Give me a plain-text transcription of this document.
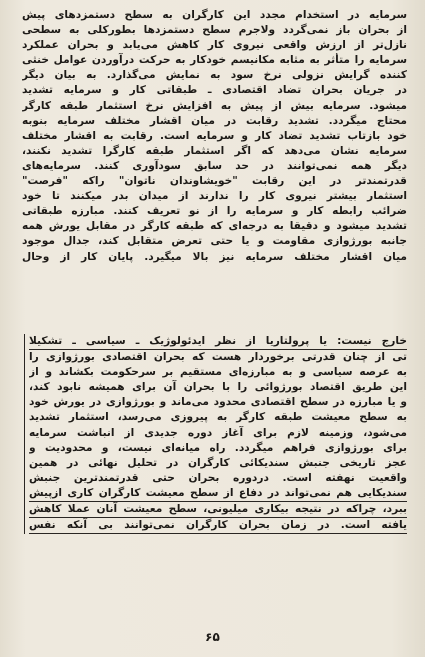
سرمایه در استخدام مجدد این کارگران به سطح دستمزدهای پیش
از بحران باز نمی‌گردد ولاجرم سطح دستمزدها بطورکلی به سطحی
نازل‌تر از ارزش واقعی نیروی کار کاهش می‌یابد و بحران عملکرد
سرمایه را متأثر به مثابه مکانیسم خودکار به حرکت درآوردن عوامل خنثی
کننده گرایش نزولی نرخ سود به نمایش می‌گذارد. به بیان دیگر
در جریان بحران تضاد اقتصادی ـ طبقاتی کار و سرمایه تشدید
میشود. سرمایه بیش از پیش به افزایش نرخ استثمار طبقه کارگر
محتاج میگردد. تشدید رقابت در میان اقشار مختلف سرمایه بنوبه
خود بازتاب تشدید تضاد کار و سرمایه است. رقابت به اقشار مختلف
سرمایه نشان می‌دهد که اگر استثمار طبقه کارگرا تشدید نکنند،
دیگر همه نمی‌توانند در حد سابق سودآوری کنند. سرمایه‌های
قدرتمندتر در این رقابت "خویشاوندان ناتوان" راکه "فرصت"
استثمار بیشتر نیروی کار را ندارند از میدان بدر میکنند تا خود
ضرائب رابطه کار و سرمایه را از نو تعریف کنند. مبارزه طبقاتی
تشدید میشود و دقیقا به درجه‌ای که طبقه کارگر در مقابل یورش همه
جانبه بورژوازی مقاومت و یا حتی تعرض متقابل کند، جدال موجود
میان اقشار مختلف سرمایه نیز بالا میگیرد. پایان کار از وحال
خارج نیست: یا پرولتاریا از نظر ایدئولوژیک ـ سیاسی ـ تشکیلا
تی از چنان قدرتی برخوردار هست که بحران اقتصادی بورژوازی را
به عرصه سیاسی و به مبارزه‌ای مستقیم بر سرحکومت بکشاند و از
این طریق اقتصاد بورژوائی را با بحران آن برای همیشه نابود کند،
و یا مبارزه در سطح اقتصادی محدود می‌ماند و بورژوازی در یورش خود
به سطح معیشت طبقه کارگر به پیروزی می‌رسد، استثمار تشدید
می‌شود، وزمینه لازم برای آغاز دوره جدیدی از انباشت سرمایه
برای بورژوازی فراهم میگردد. راه میانه‌ای نیست، و محدودیت و
عجز تاریخی جنبش سندیکائی کارگران در تحلیل نهائی در همین
واقعیت نهفته است. دردوره بحران حتی قدرتمندترین جنبش
سندیکایی هم نمی‌تواند در دفاع از سطح معیشت کارگران کاری ازپیش
ببرد، چراکه در نتیجه بیکاری میلیونی، سطح معیشت آنان عملا کاهش
یافته است. در زمان بحران کارگران نمی‌توانند بی آنکه نفس
۶۵
